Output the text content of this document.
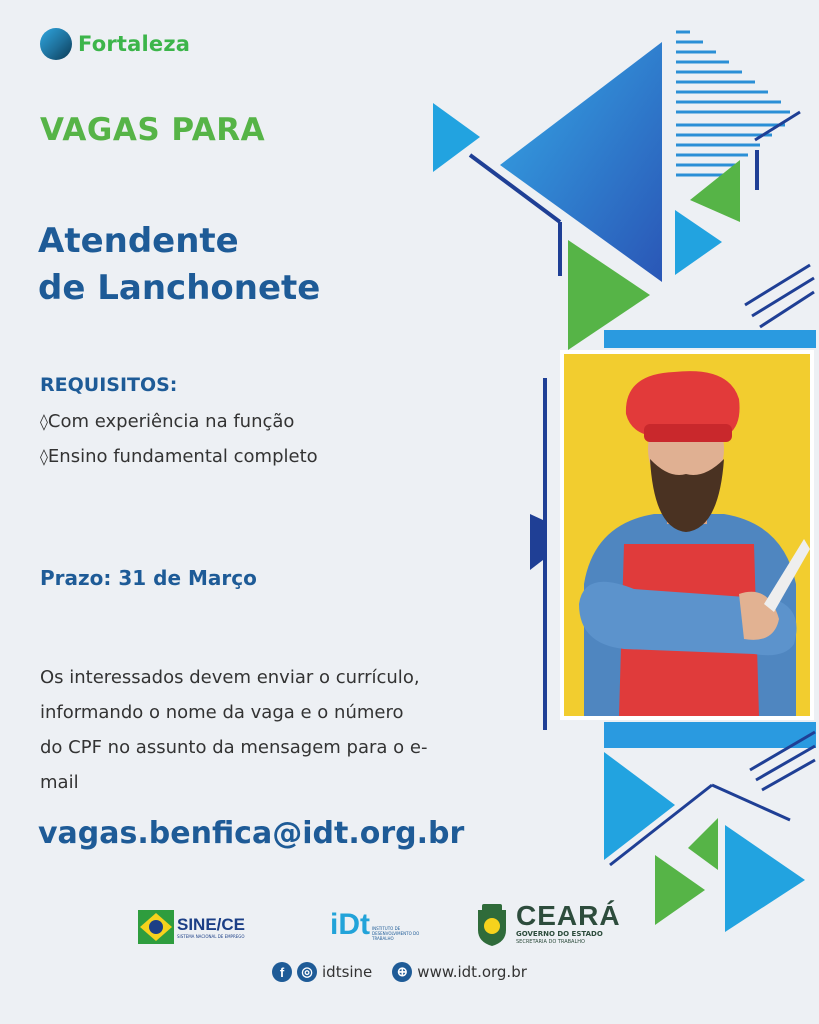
Fortaleza
VAGAS PARA
Atendente
de Lanchonete
REQUISITOS:
◊ Com experiência na função
◊ Ensino fundamental completo
Prazo: 31 de Março
Os interessados devem enviar o currículo, informando o nome da vaga e o número do CPF no assunto da mensagem para o e-mail
vagas.benfica@idt.org.br
SINE/CE
SISTEMA NACIONAL DE EMPREGO	iDt INSTITUTO DE DESENVOLVIMENTO DO TRABALHO
CEARÁ
GOVERNO DO ESTADO
SECRETARIA DO TRABALHO
f	◎ idtsine	⊕ www.idt.org.br
